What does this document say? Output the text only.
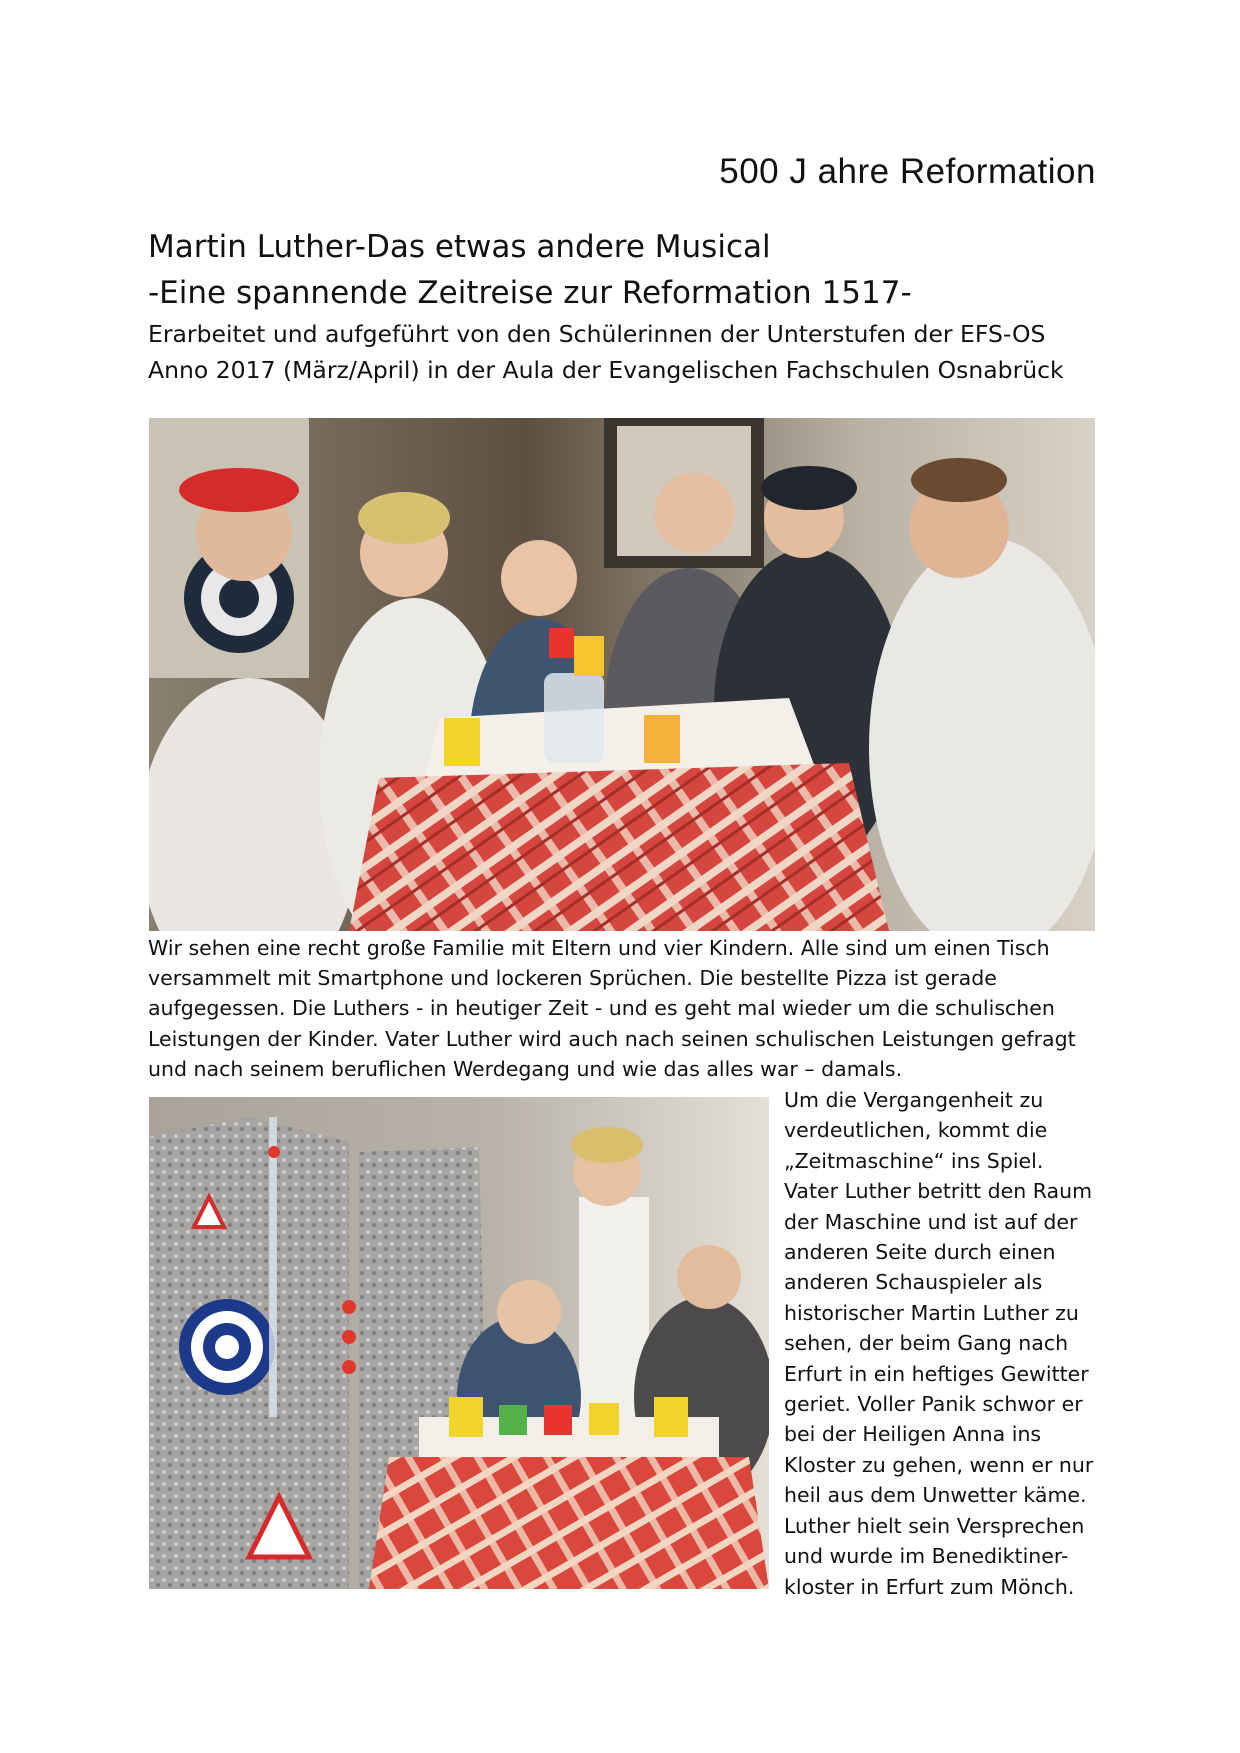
500 J ahre Reformation
Martin Luther-Das etwas andere Musical
-Eine spannende Zeitreise zur Reformation 1517-
Erarbeitet und aufgeführt von den Schülerinnen der Unterstufen der EFS-OS
Anno 2017 (März/April) in der Aula der Evangelischen Fachschulen Osnabrück
Wir sehen eine recht große Familie mit Eltern und vier Kindern. Alle sind um einen Tisch
versammelt mit Smartphone und lockeren Sprüchen. Die bestellte Pizza ist gerade
aufgegessen. Die Luthers - in heutiger Zeit - und es geht mal wieder um die schulischen
Leistungen der Kinder. Vater Luther wird auch nach seinen schulischen Leistungen gefragt
und nach seinem beruflichen Werdegang und wie das alles war – damals.
Um die Vergangenheit zu
verdeutlichen, kommt die
„Zeitmaschine“ ins Spiel.
Vater Luther betritt den Raum
der Maschine und ist auf der
anderen Seite durch einen
anderen Schauspieler als
historischer Martin Luther zu
sehen, der beim Gang nach
Erfurt in ein heftiges Gewitter
geriet. Voller Panik schwor er
bei der Heiligen Anna ins
Kloster zu gehen, wenn er nur
heil aus dem Unwetter käme.
Luther hielt sein Versprechen
und wurde im Benediktiner-
kloster in Erfurt zum Mönch.
